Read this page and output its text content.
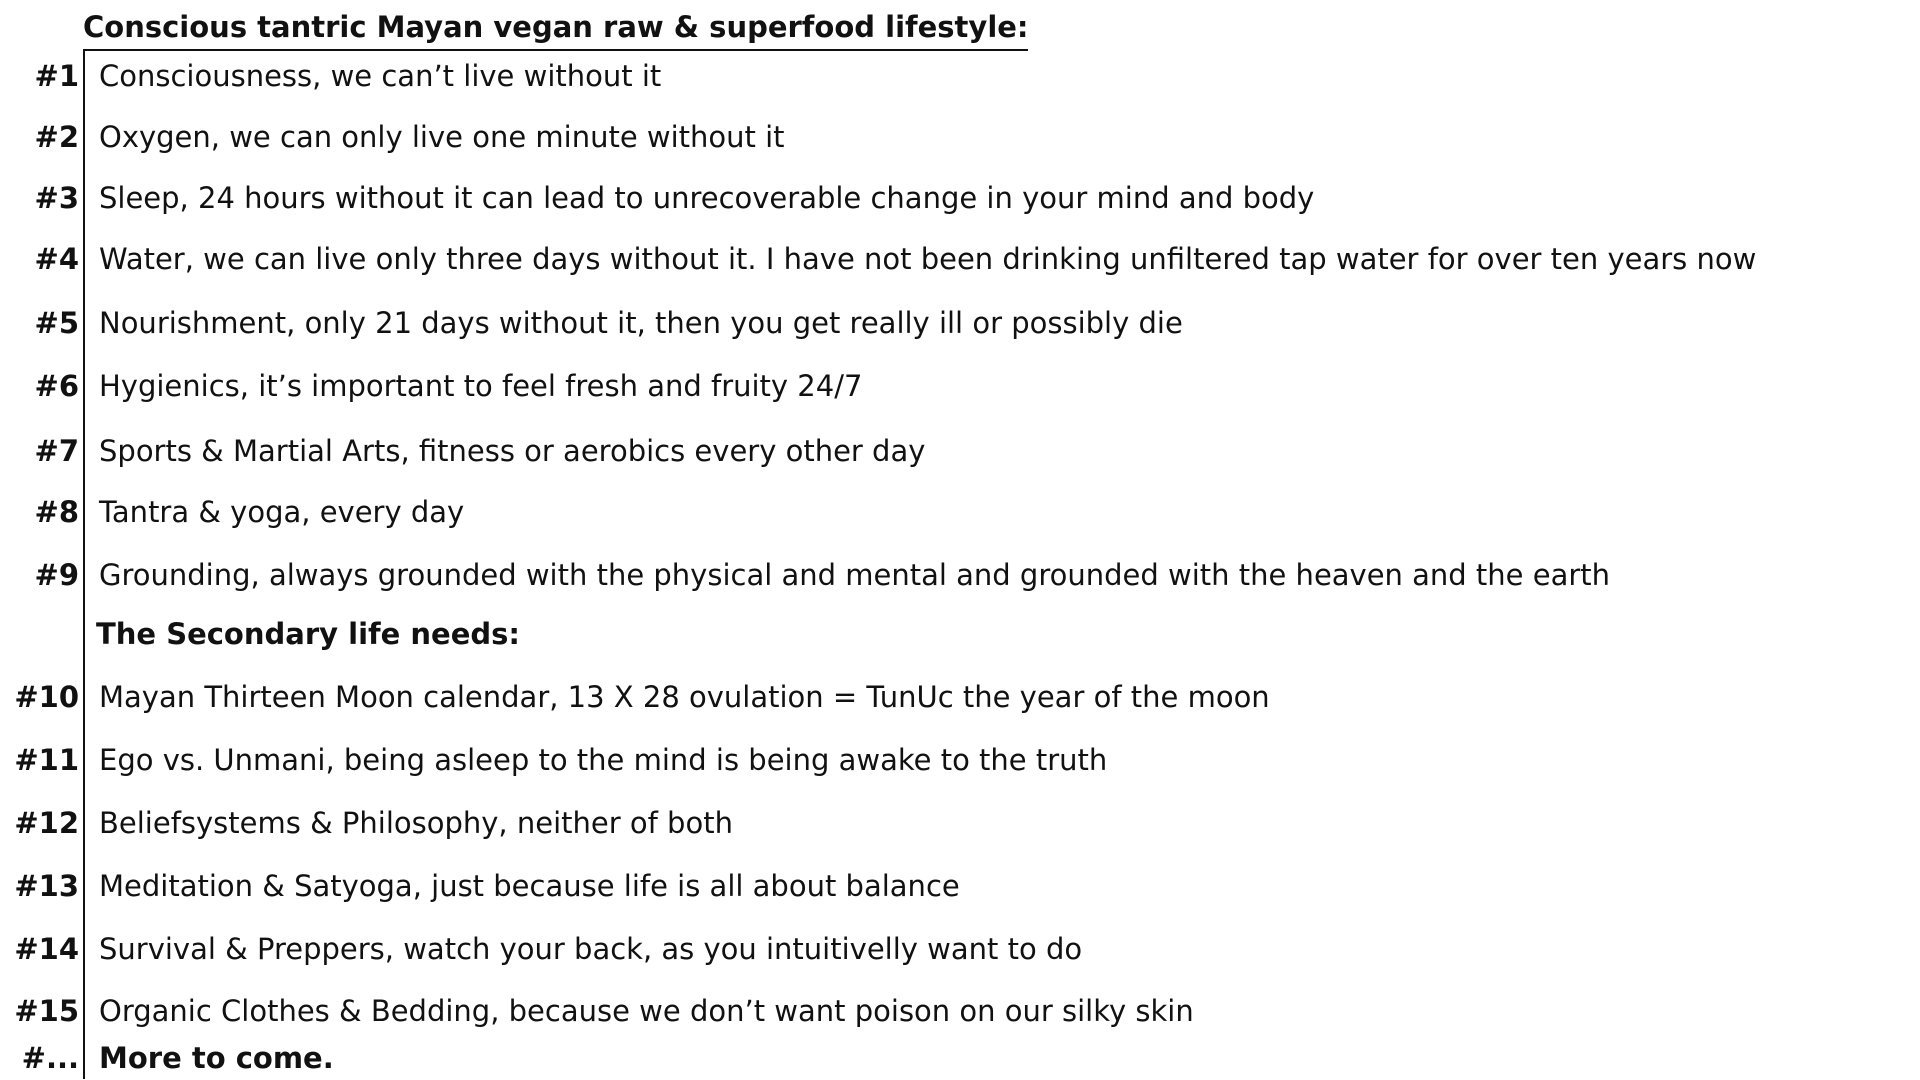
Conscious tantric Mayan vegan raw & superfood lifestyle:
#1 Consciousness, we can’t live without it
#2 Oxygen, we can only live one minute without it
#3 Sleep, 24 hours without it can lead to unrecoverable change in your mind and body
#4 Water, we can live only three days without it. I have not been drinking unfiltered tap water for over ten years now
#5 Nourishment, only 21 days without it, then you get really ill or possibly die
#6 Hygienics, it’s important to feel fresh and fruity 24/7
#7 Sports & Martial Arts, fitness or aerobics every other day
#8 Tantra & yoga, every day
#9 Grounding, always grounded with the physical and mental and grounded with the heaven and the earth
The Secondary life needs:
#10 Mayan Thirteen Moon calendar, 13 X 28 ovulation = TunUc the year of the moon
#11 Ego vs. Unmani, being asleep to the mind is being awake to the truth
#12 Beliefsystems & Philosophy, neither of both
#13 Meditation & Satyoga, just because life is all about balance
#14 Survival & Preppers, watch your back, as you intuitivelly want to do
#15 Organic Clothes & Bedding, because we don’t want poison on our silky skin
#... More to come.
